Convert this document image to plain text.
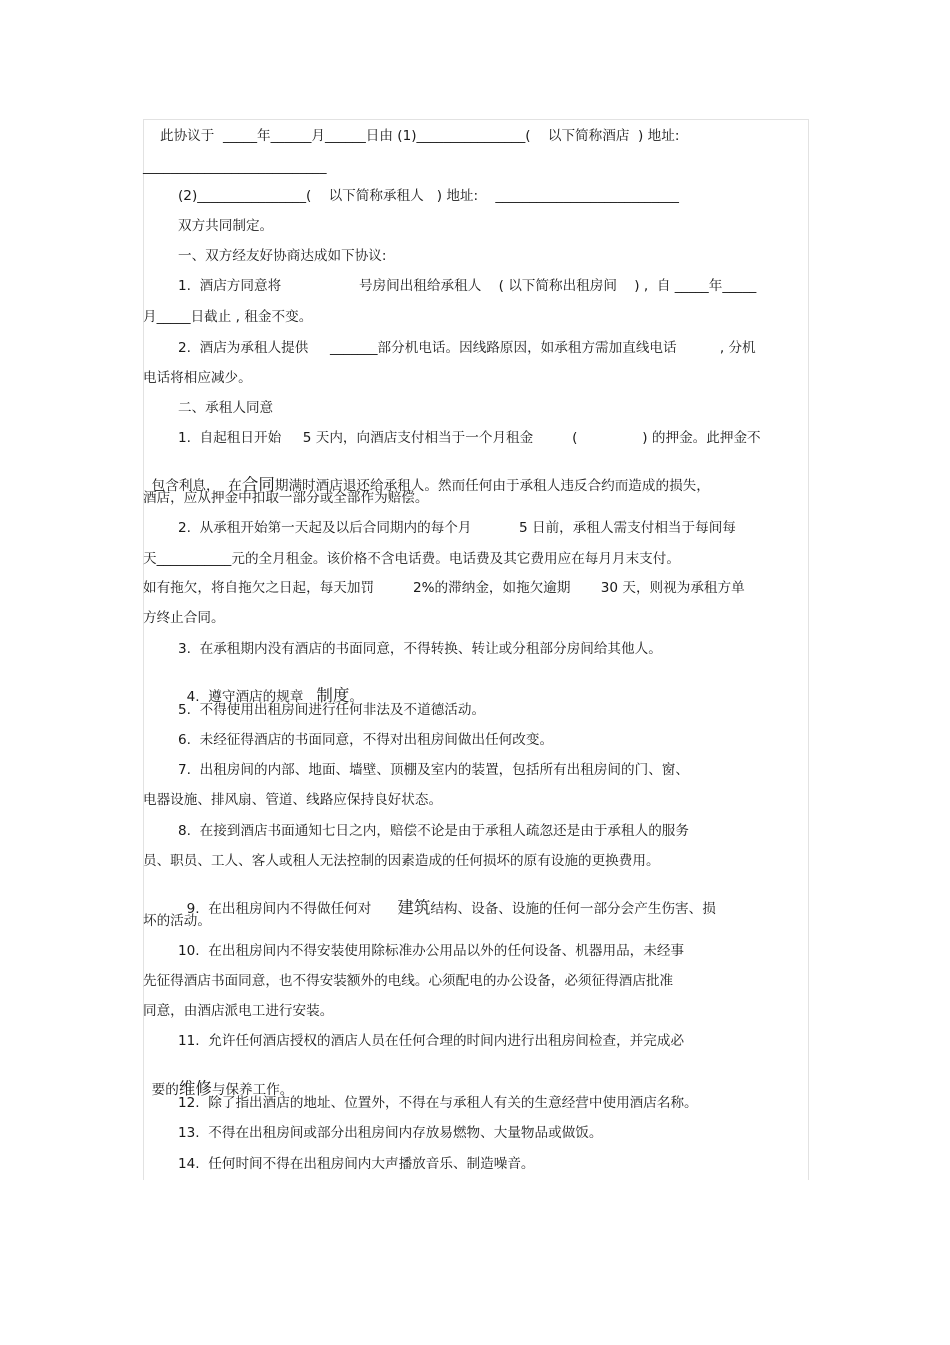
此协议于  _____年______月______日由 (1)________________(    以下简称酒店  ) 地址:
___________________________
(2)________________(    以下简称承租人   ) 地址:    ___________________________
双方共同制定。
一、双方经友好协商达成如下协议:
1.  酒店方同意将                  号房间出租给承租人    ( 以下简称出租房间    ) ,  自 _____年_____
月_____日截止 , 租金不变。
2.  酒店为承租人提供     _______部分机电话。因线路原因，如承租方需加直线电话          , 分机
电话将相应减少。
二、承租人同意
1.  自起租日开始     5 天内，向酒店支付相当于一个月租金         (               ) 的押金。此押金不

包含利息，  在合同期满时酒店退还给承租人。然而任何由于承租人违反合约而造成的损失，

酒店，应从押金中扣取一部分或全部作为赔偿。
2.  从承租开始第一天起及以后合同期内的每个月           5 日前，承租人需支付相当于每间每
天___________元的全月租金。该价格不含电话费。电话费及其它费用应在每月月末支付。
如有拖欠，将自拖欠之日起，每天加罚         2%的滞纳金，如拖欠逾期       30 天，则视为承租方单
方终止合同。
3.  在承租期内没有酒店的书面同意，不得转换、转让或分租部分房间给其他人。

4.  遵守酒店的规章   制度。

5.  不得使用出租房间进行任何非法及不道德活动。
6.  未经征得酒店的书面同意，不得对出租房间做出任何改变。
7.  出租房间的内部、地面、墙壁、顶棚及室内的装置，包括所有出租房间的门、窗、
电器设施、排风扇、管道、线路应保持良好状态。
8.  在接到酒店书面通知七日之内，赔偿不论是由于承租人疏忽还是由于承租人的服务
员、职员、工人、客人或租人无法控制的因素造成的任何损坏的原有设施的更换费用。

9.  在出租房间内不得做任何对      建筑结构、设备、设施的任何一部分会产生伤害、损

坏的活动。
10.  在出租房间内不得安装使用除标准办公用品以外的任何设备、机器用品，未经事
先征得酒店书面同意，也不得安装额外的电线。心须配电的办公设备，必须征得酒店批准
同意，由酒店派电工进行安装。
11.  允许任何酒店授权的酒店人员在任何合理的时间内进行出租房间检查，并完成必

要的维修与保养工作。

12.  除了指出酒店的地址、位置外，不得在与承租人有关的生意经营中使用酒店名称。
13.  不得在出租房间或部分出租房间内存放易燃物、大量物品或做饭。
14.  任何时间不得在出租房间内大声播放音乐、制造噪音。
